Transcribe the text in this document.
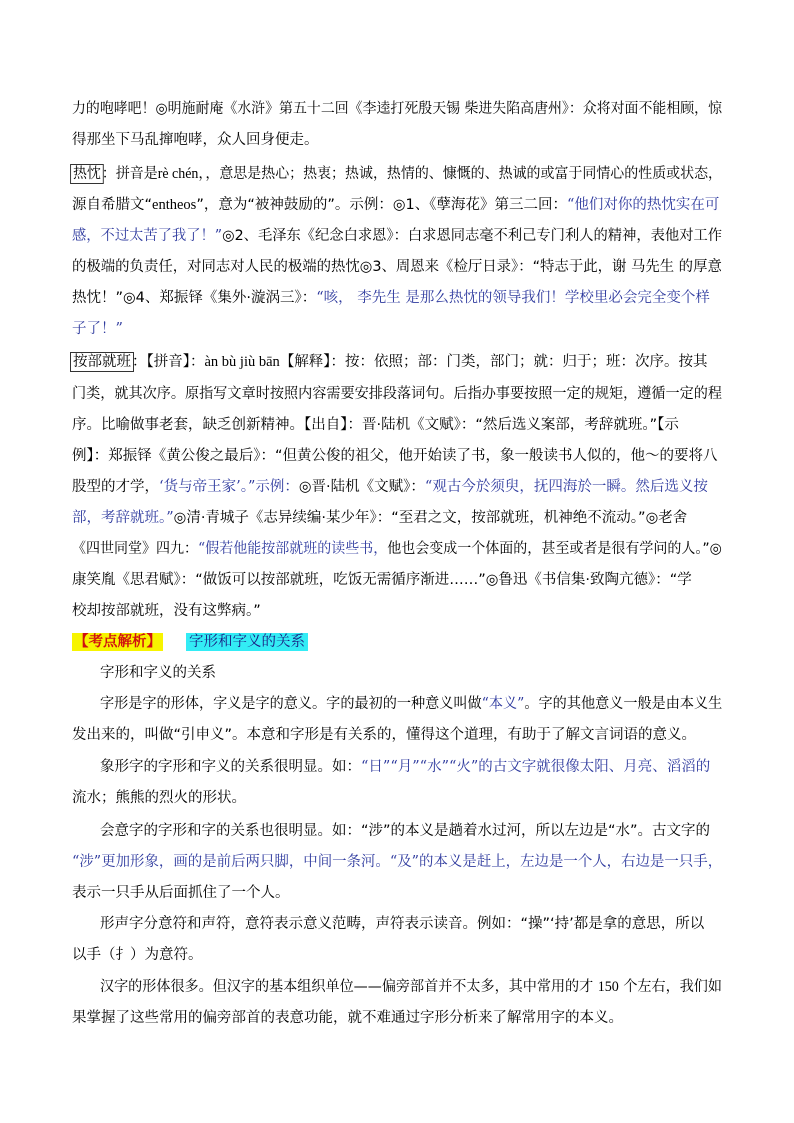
力的咆哮吧！◎明施耐庵《水浒》第五十二回《李逵打死殷天锡 柴进失陷高唐州》：众将对面不能相顾，惊
得那坐下马乱撺咆哮，众人回身便走。
热忱：拼音是rè chén，，意思是热心；热衷；热诚，热情的、慷慨的、热诚的或富于同情心的性质或状态，
源自希腊文“entheos”，意为“被神鼓励的”。示例：◎1、《孽海花》第三二回：“他们对你的热忱实在可
感，不过太苦了我了！”◎2、毛泽东《纪念白求恩》：白求恩同志毫不利己专门利人的精神，表他对工作
的极端的负责任，对同志对人民的极端的热忱◎3、周恩来《检厅日录》：“特志于此，谢 马先生 的厚意
热忱！”◎4、郑振铎《集外·漩涡三》：“咳， 李先生 是那么热忱的领导我们！学校里必会完全变个样
子了！”
按部就班：【拼音】：àn bù jiù bān【解释】：按：依照；部：门类，部门；就：归于；班：次序。按其
门类，就其次序。原指写文章时按照内容需要安排段落词句。后指办事要按照一定的规矩，遵循一定的程
序。比喻做事老套，缺乏创新精神。【出自】：晋·陆机《文赋》：“然后选义案部，考辞就班。”【示
例】：郑振铎《黄公俊之最后》：“但黄公俊的祖父，他开始读了书，象一般读书人似的，他～的要将八
股型的才学，‘货与帝王家’。”示例：◎晋·陆机《文赋》：“观古今於须臾，抚四海於一瞬。然后选义按
部，考辞就班。”◎清·青城子《志异续编·某少年》：“至君之文，按部就班，机神绝不流动。”◎老舍
《四世同堂》四九：“假若他能按部就班的读些书，他也会变成一个体面的，甚至或者是很有学问的人。”◎
康笑胤《思君赋》：“做饭可以按部就班，吃饭无需循序渐进……”◎鲁迅《书信集·致陶亢德》：“学
校却按部就班，没有这弊病。”
【考点解析】 字形和字义的关系
字形和字义的关系
字形是字的形体，字义是字的意义。字的最初的一种意义叫做“本义”。字的其他意义一般是由本义生
发出来的，叫做“引申义”。本意和字形是有关系的，懂得这个道理，有助于了解文言词语的意义。
象形字的字形和字义的关系很明显。如：“日”“月”“水”“火”的古文字就很像太阳、月亮、滔滔的
流水；熊熊的烈火的形状。
会意字的字形和字的关系也很明显。如：“涉”的本义是趟着水过河，所以左边是“水”。古文字的
“涉”更加形象，画的是前后两只脚，中间一条河。“及”的本义是赶上，左边是一个人，右边是一只手，
表示一只手从后面抓住了一个人。
形声字分意符和声符，意符表示意义范畴，声符表示读音。例如：“操”‘持’都是拿的意思，所以
以手（扌）为意符。
汉字的形体很多。但汉字的基本组织单位——偏旁部首并不太多，其中常用的才 150 个左右，我们如
果掌握了这些常用的偏旁部首的表意功能，就不难通过字形分析来了解常用字的本义。
